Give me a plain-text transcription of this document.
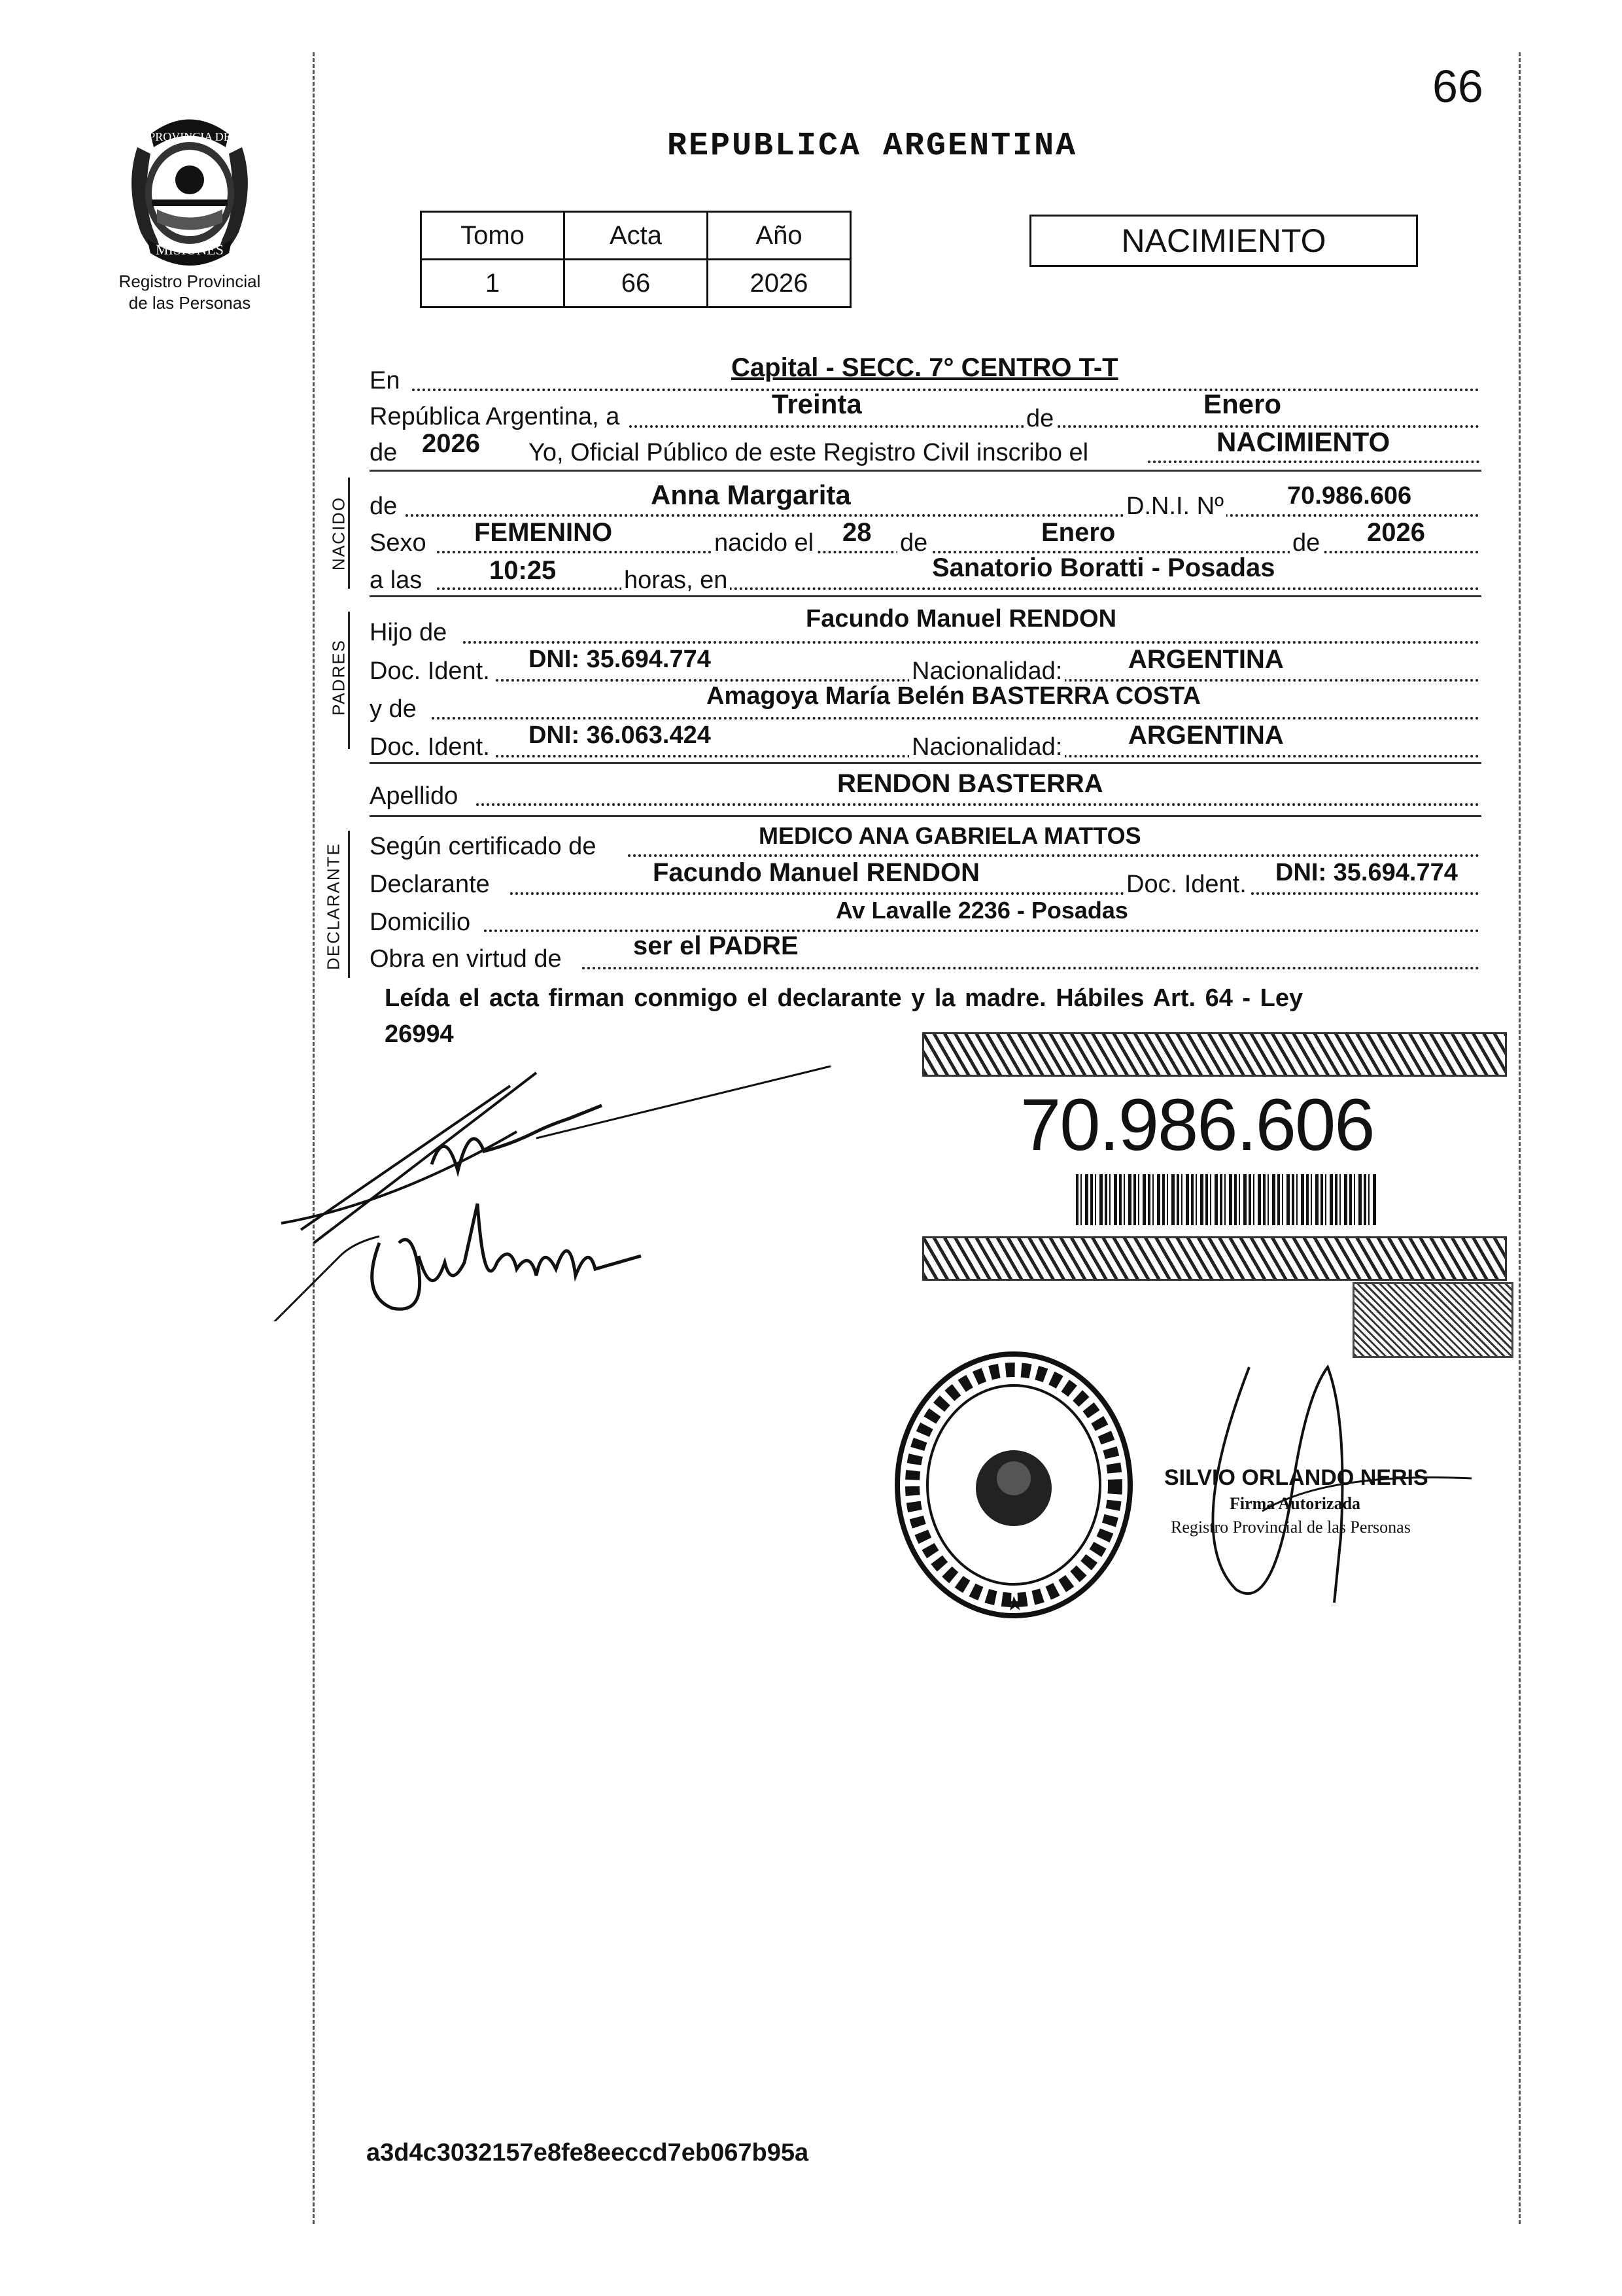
66
PROVINCIA DE
MISIONES
Registro Provincial
de las Personas
REPUBLICA ARGENTINA
Tomo	Acta	Año
1	66	2026
NACIMIENTO
En	Capital - SECC. 7° CENTRO T-T
República Argentina, a	Treinta	de	Enero
de 2026 Yo, Oficial Público de este Registro Civil inscribo el	NACIMIENTO
NACIDO de	Anna Margarita	D.N.I. Nº	70.986.606
Sexo FEMENINO	nacido el 28 de	Enero	de 2026
a las	10:25	horas, en	Sanatorio Boratti - Posadas
PADRES
Hijo de	Facundo Manuel RENDON
Doc. Ident. DNI: 35.694.774	Nacionalidad:	ARGENTINA
y de	Amagoya María Belén BASTERRA COSTA
Doc. Ident. DNI: 36.063.424	Nacionalidad:	ARGENTINA
Apellido	RENDON BASTERRA
DECLARANTE Según certificado de	MEDICO ANA GABRIELA MATTOS
Declarante	Facundo Manuel RENDON	Doc. Ident. DNI: 35.694.774
Domicilio	Av Lavalle 2236 - Posadas
Obra en virtud de	ser el PADRE
Leída el acta firman conmigo el declarante y la madre. Hábiles Art. 64 - Ley
26994
70.986.606
SILVIO ORLANDO NERIS
Firma Autorizada
Registro Provincial de las Personas
a3d4c3032157e8fe8eeccd7eb067b95a
